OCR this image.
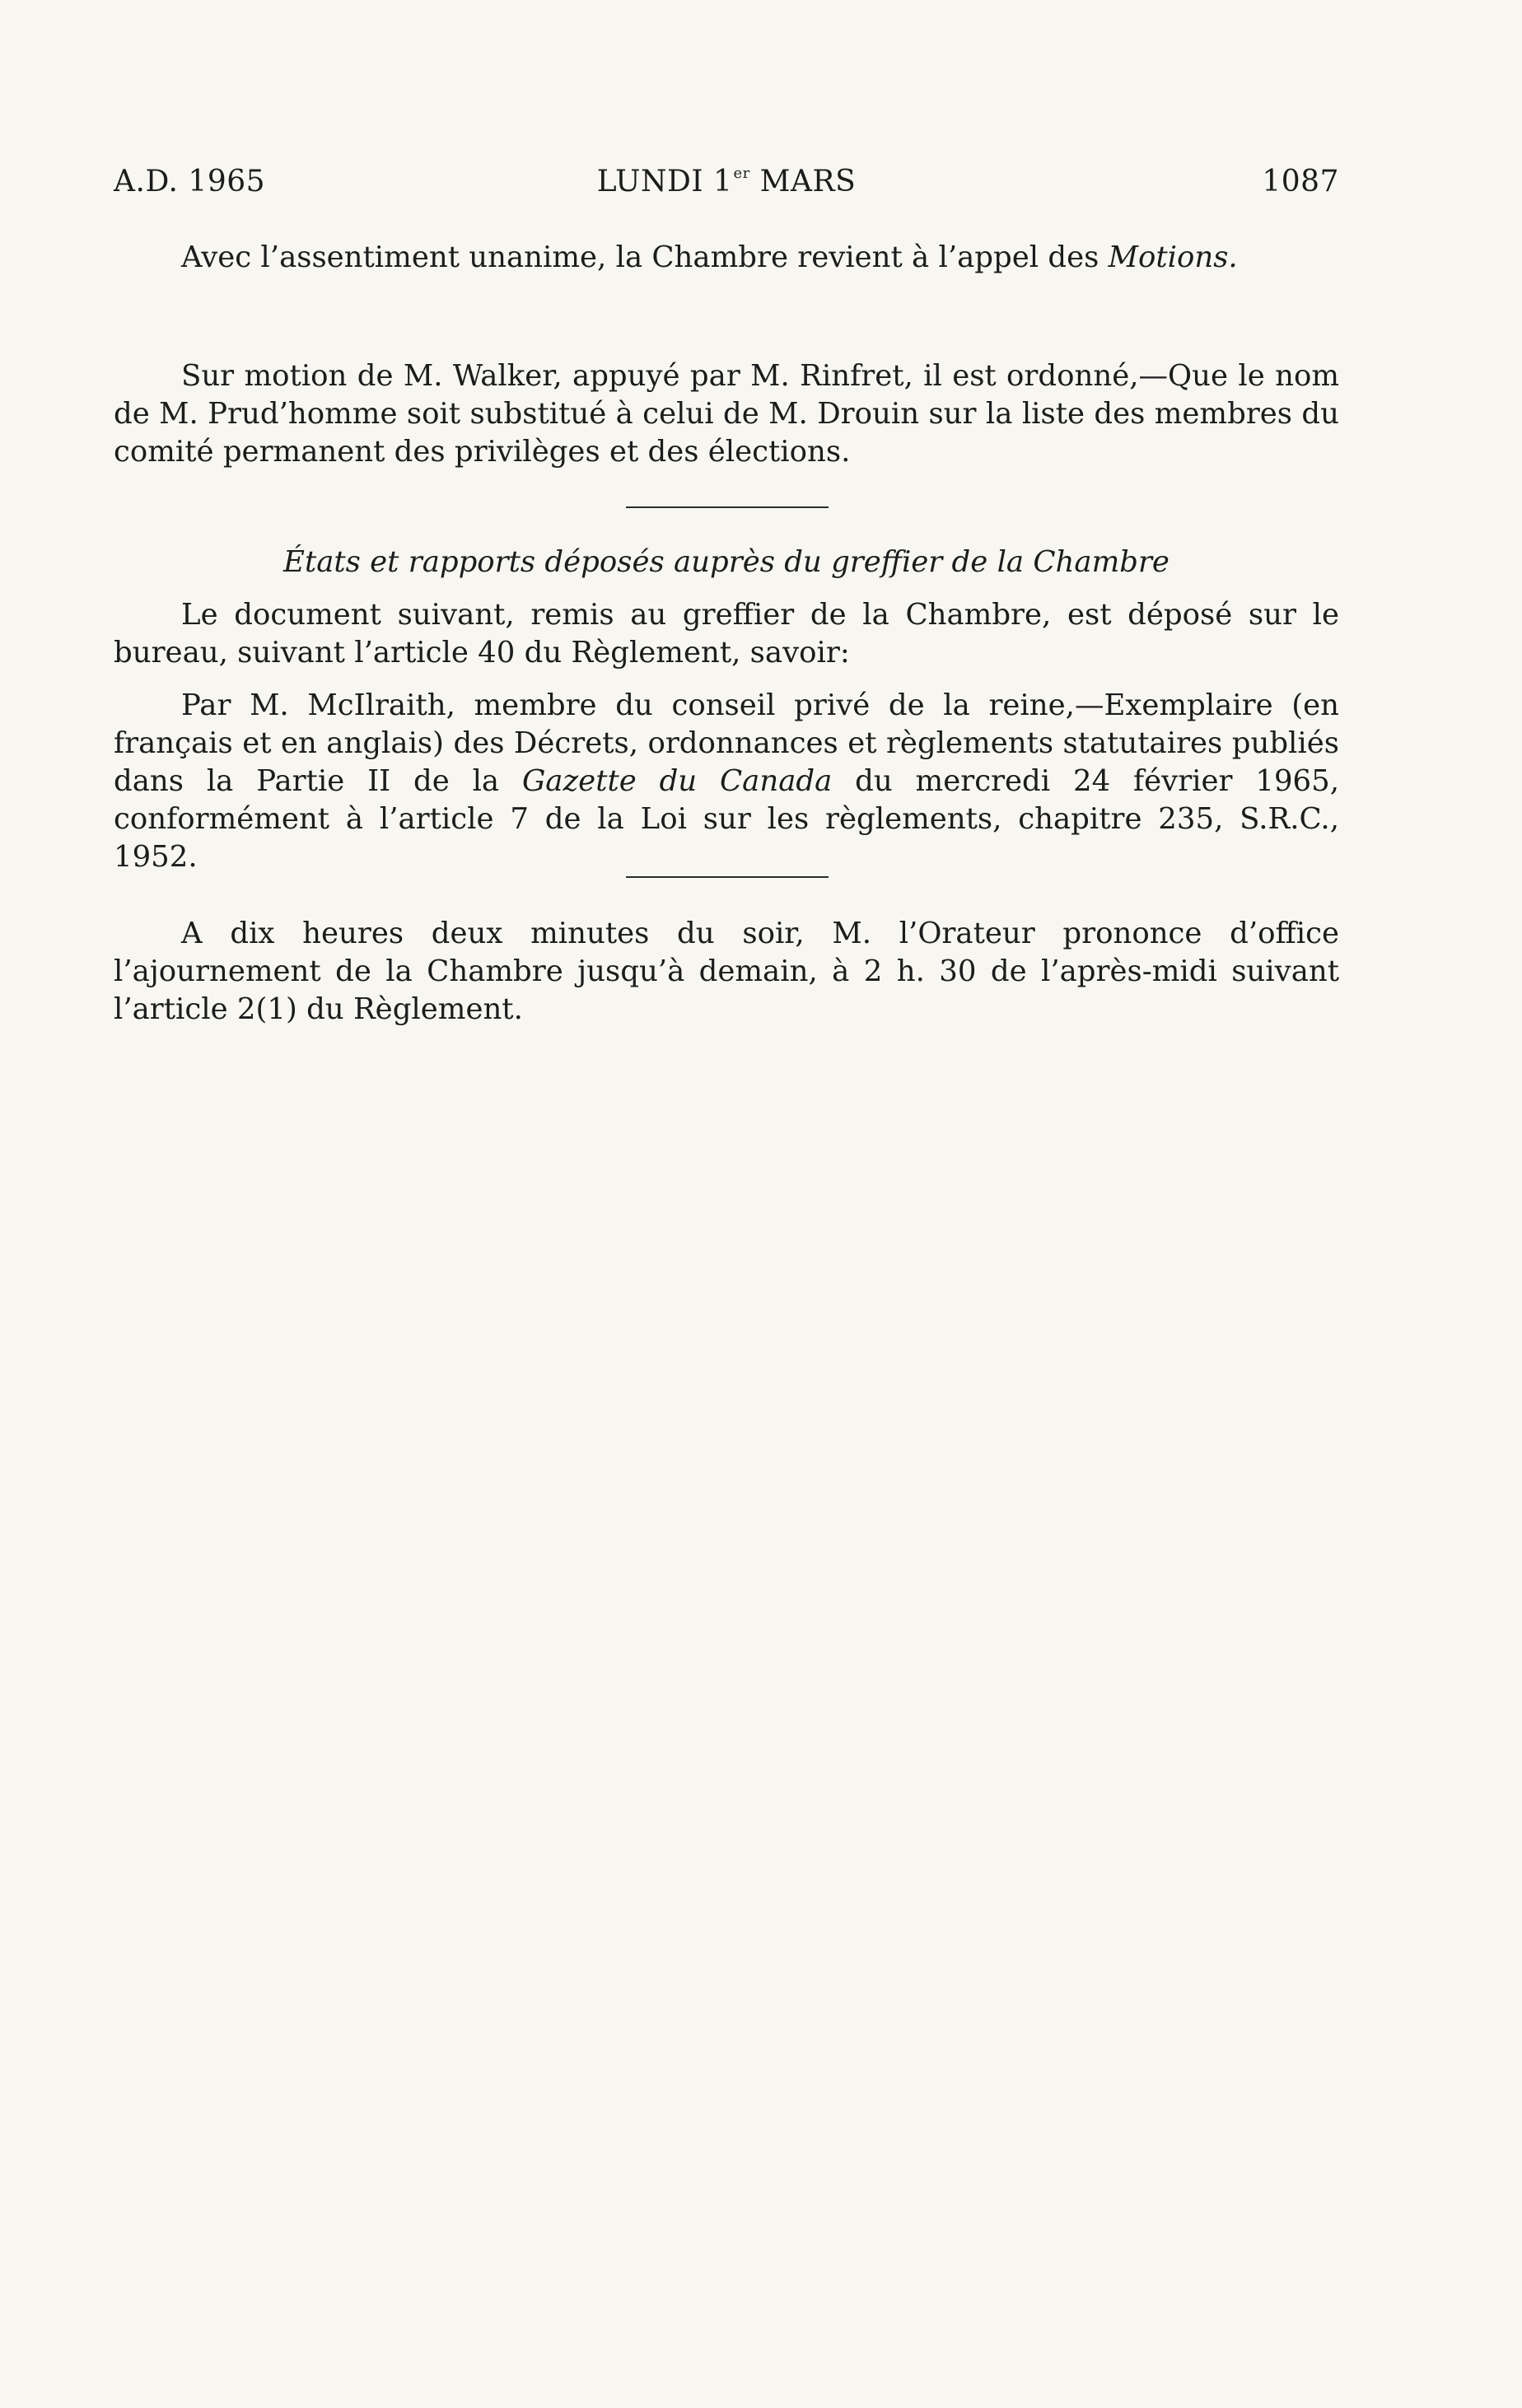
A.D. 1965	LUNDI 1er MARS	1087

Avec l’assentiment unanime, la Chambre revient à l’appel des Motions.

Sur motion de M. Walker, appuyé par M. Rinfret, il est ordonné,—Que le nom de M. Prud’homme soit substitué à celui de M. Drouin sur la liste des membres du comité permanent des privilèges et des élections.

États et rapports déposés auprès du greffier de la Chambre

Le document suivant, remis au greffier de la Chambre, est déposé sur le bureau, suivant l’article 40 du Règlement, savoir:

Par M. McIlraith, membre du conseil privé de la reine,—Exemplaire (en français et en anglais) des Décrets, ordonnances et règlements statutaires publiés dans la Partie II de la Gazette du Canada du mercredi 24 février 1965, conformément à l’article 7 de la Loi sur les règlements, chapitre 235, S.R.C., 1952.

A dix heures deux minutes du soir, M. l’Orateur prononce d’office l’ajournement de la Chambre jusqu’à demain, à 2 h. 30 de l’après-midi suivant l’article 2(1) du Règlement.
